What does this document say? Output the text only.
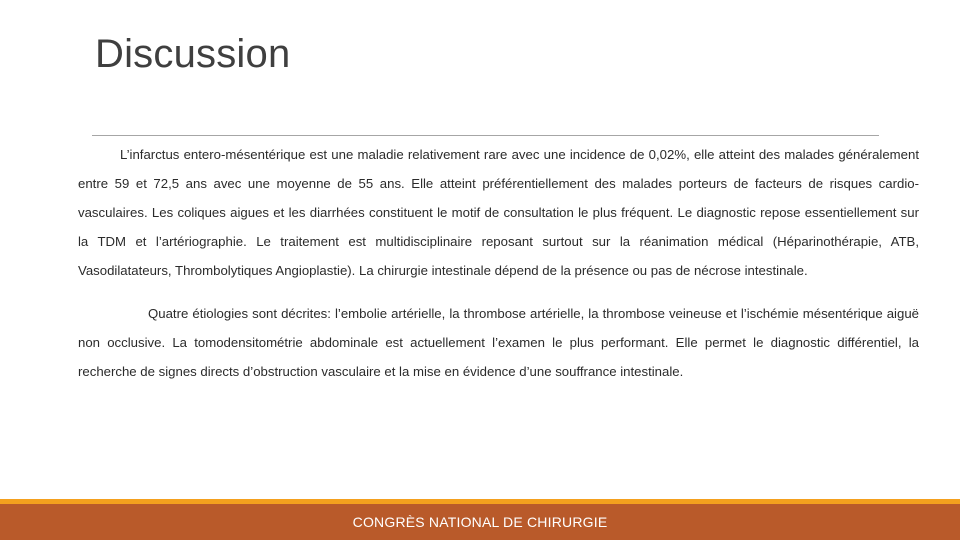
Discussion

L’infarctus entero-mésentérique est une maladie relativement rare avec une incidence de 0,02%, elle atteint des malades généralement entre 59 et 72,5 ans avec une moyenne de 55 ans. Elle atteint préférentiellement des malades porteurs de facteurs de risques cardio-vasculaires. Les coliques aigues et les diarrhées constituent le motif de consultation le plus fréquent. Le diagnostic repose essentiellement sur la TDM et l’artériographie. Le traitement est multidisciplinaire reposant surtout sur la réanimation médical (Héparinothérapie, ATB, Vasodilatateurs, Thrombolytiques Angioplastie). La chirurgie intestinale dépend de la présence ou pas de nécrose intestinale.

Quatre étiologies sont décrites: l’embolie artérielle, la thrombose artérielle, la thrombose veineuse et l’ischémie mésentérique aiguë non occlusive. La tomodensitométrie abdominale est actuellement l’examen le plus performant. Elle permet le diagnostic différentiel, la recherche de signes directs d’obstruction vasculaire et la mise en évidence d’une souffrance intestinale.

CONGRÈS NATIONAL DE CHIRURGIE
